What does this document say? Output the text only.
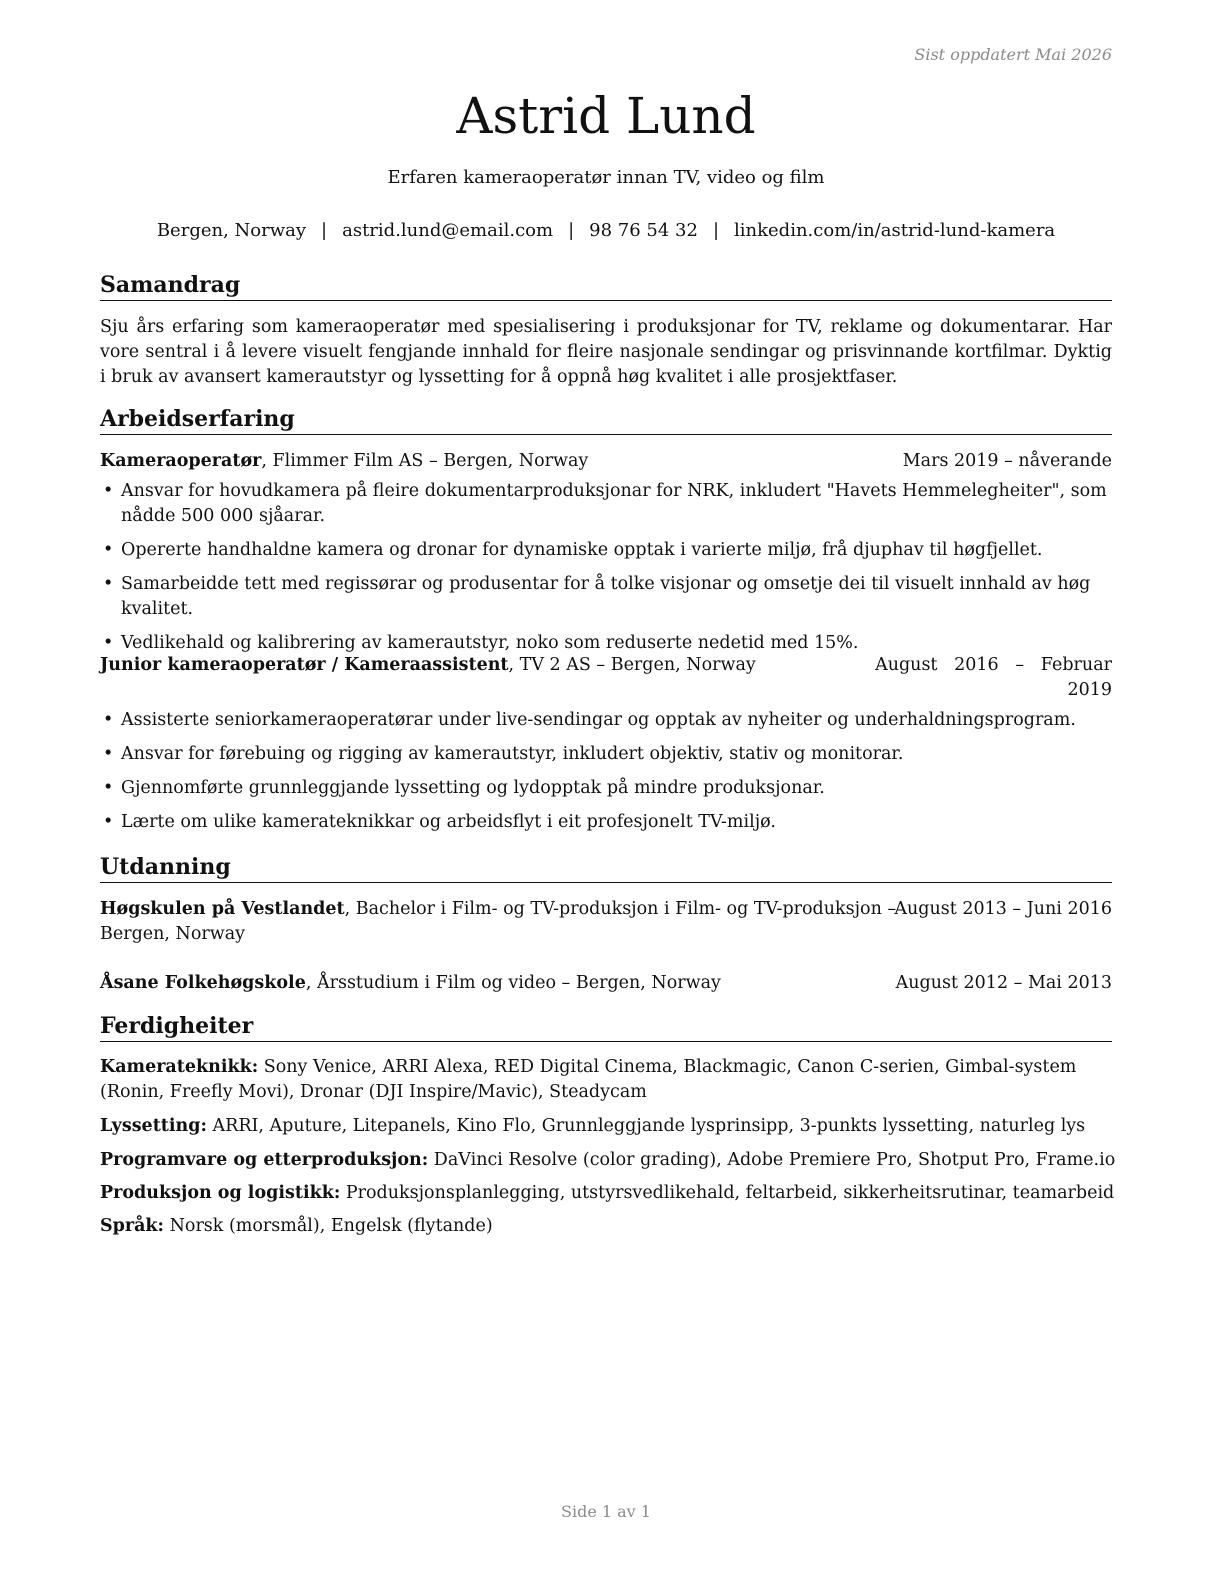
Sist oppdatert Mai 2026
Astrid Lund
Erfaren kameraoperatør innan TV, video og film
Bergen, Norway | astrid.lund@email.com | 98 76 54 32 | linkedin.com/in/astrid-lund-kamera
Samandrag
Sju års erfaring som kameraoperatør med spesialisering i produksjonar for TV, reklame og dokumentarar. Har vore sentral i å levere visuelt fengjande innhald for fleire nasjonale sendingar og prisvinnande kortfilmar. Dyktig i bruk av avansert kamerautstyr og lyssetting for å oppnå høg kvalitet i alle prosjektfaser.
Arbeidserfaring
Kameraoperatør, Flimmer Film AS – Bergen, Norway	Mars 2019 – nåverande
• Ansvar for hovudkamera på fleire dokumentarproduksjonar for NRK, inkludert "Havets Hemmelegheiter", som nådde 500 000 sjåarar.
• Opererte handhaldne kamera og dronar for dynamiske opptak i varierte miljø, frå djuphav til høgfjellet.
• Samarbeidde tett med regissørar og produsentar for å tolke visjonar og omsetje dei til visuelt innhald av høg kvalitet.
• Vedlikehald og kalibrering av kamerautstyr, noko som reduserte nedetid med 15%.
Junior kameraoperatør / Kameraassistent, TV 2 AS – Bergen, Norway	August   2016   –   Februar
2019
• Assisterte seniorkameraoperatørar under live-sendingar og opptak av nyheiter og underhaldningsprogram.
• Ansvar for førebuing og rigging av kamerautstyr, inkludert objektiv, stativ og monitorar.
• Gjennomførte grunnleggjande lyssetting og lydopptak på mindre produksjonar.
• Lærte om ulike kamerateknikkar og arbeidsflyt i eit profesjonelt TV-miljø.
Utdanning
Høgskulen på Vestlandet, Bachelor i Film- og TV-produksjon i Film- og TV-produksjon –
Bergen, Norway
August 2013 – Juni 2016
Åsane Folkehøgskole, Årsstudium i Film og video – Bergen, Norway	August 2012 – Mai 2013
Ferdigheiter
Kamerateknikk: Sony Venice, ARRI Alexa, RED Digital Cinema, Blackmagic, Canon C-serien, Gimbal-system (Ronin, Freefly Movi), Dronar (DJI Inspire/Mavic), Steadycam
Lyssetting: ARRI, Aputure, Litepanels, Kino Flo, Grunnleggjande lysprinsipp, 3-punkts lyssetting, naturleg lys
Programvare og etterproduksjon: DaVinci Resolve (color grading), Adobe Premiere Pro, Shotput Pro, Frame.io
Produksjon og logistikk: Produksjonsplanlegging, utstyrsvedlikehald, feltarbeid, sikkerheitsrutinar, teamarbeid
Språk: Norsk (morsmål), Engelsk (flytande)
Side 1 av 1
